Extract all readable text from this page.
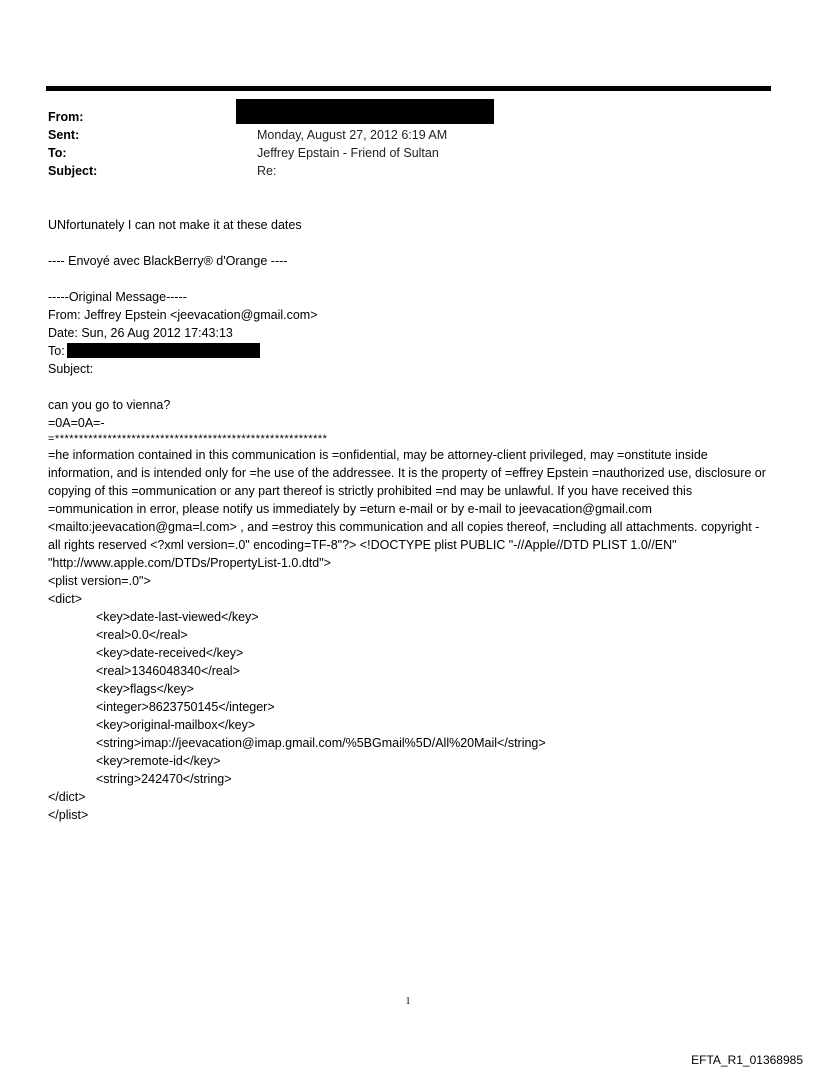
From:
Sent:	Monday, August 27, 2012 6:19 AM
To:	Jeffrey Epstain - Friend of Sultan
Subject:	Re:

UNfortunately I can not make it at these dates

---- Envoyé avec BlackBerry® d'Orange ----

-----Original Message-----

From: Jeffrey Epstein <jeevacation@gmail.com>

Date: Sun, 26 Aug 2012 17:43:13

To:

Subject:

can you go to vienna?

=0A=0A=-

=*********************************************************

=he information contained in this communication is =onfidential, may be attorney-client privileged, may =onstitute inside information, and is intended only for =he use of the addressee. It is the property of =effrey Epstein =nauthorized use, disclosure or copying of this =ommunication or any part thereof is strictly prohibited =nd may be unlawful. If you have received this =ommunication in error, please notify us immediately by =eturn e-mail or by e-mail to jeevacation@gmail.com <mailto:jeevacation@gma=l.com> , and =estroy this communication and all copies thereof, =ncluding all attachments. copyright -all rights reserved <?xml version=.0" encoding=TF-8"?> <!DOCTYPE plist PUBLIC "-//Apple//DTD PLIST 1.0//EN" "http://www.apple.com/DTDs/PropertyList-1.0.dtd">

<plist version=.0">

<dict>

<key>date-last-viewed</key>

<real>0.0</real>

<key>date-received</key>

<real>1346048340</real>

<key>flags</key>

<integer>8623750145</integer>

<key>original-mailbox</key>

<string>imap://jeevacation@imap.gmail.com/%5BGmail%5D/All%20Mail</string>

<key>remote-id</key>

<string>242470</string>

</dict>

</plist>

1
EFTA_R1_01368985
